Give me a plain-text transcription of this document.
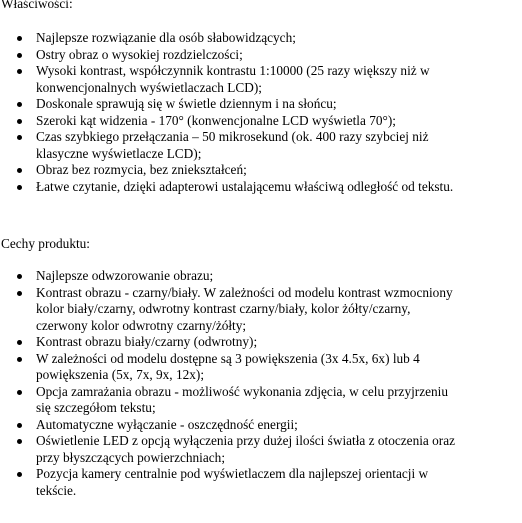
Właściwości:

Najlepsze rozwiązanie dla osób słabowidzących;
Ostry obraz o wysokiej rozdzielczości;
Wysoki kontrast, współczynnik kontrastu 1:10000 (25 razy większy niż w konwencjonalnych wyświetlaczach LCD);
Doskonale sprawują się w świetle dziennym i na słońcu;
Szeroki kąt widzenia - 170° (konwencjonalne LCD wyświetla 70°);
Czas szybkiego przełączania – 50 mikrosekund (ok. 400 razy szybciej niż klasyczne wyświetlacze LCD);
Obraz bez rozmycia, bez zniekształceń;
Łatwe czytanie, dzięki adapterowi ustalającemu właściwą odległość od tekstu.

Cechy produktu:

Najlepsze odwzorowanie obrazu;
Kontrast obrazu - czarny/biały. W zależności od modelu kontrast wzmocniony kolor biały/czarny, odwrotny kontrast czarny/biały, kolor żółty/czarny, czerwony kolor odwrotny czarny/żółty;
Kontrast obrazu biały/czarny (odwrotny);
W zależności od modelu dostępne są 3 powiększenia (3x 4.5x, 6x) lub 4 powiększenia (5x, 7x, 9x, 12x);
Opcja zamrażania obrazu - możliwość wykonania zdjęcia, w celu przyjrzeniu się szczegółom tekstu;
Automatyczne wyłączanie - oszczędność energii;
Oświetlenie LED z opcją wyłączenia przy dużej ilości światła z otoczenia oraz przy błyszczących powierzchniach;
Pozycja kamery centralnie pod wyświetlaczem dla najlepszej orientacji w tekście.
